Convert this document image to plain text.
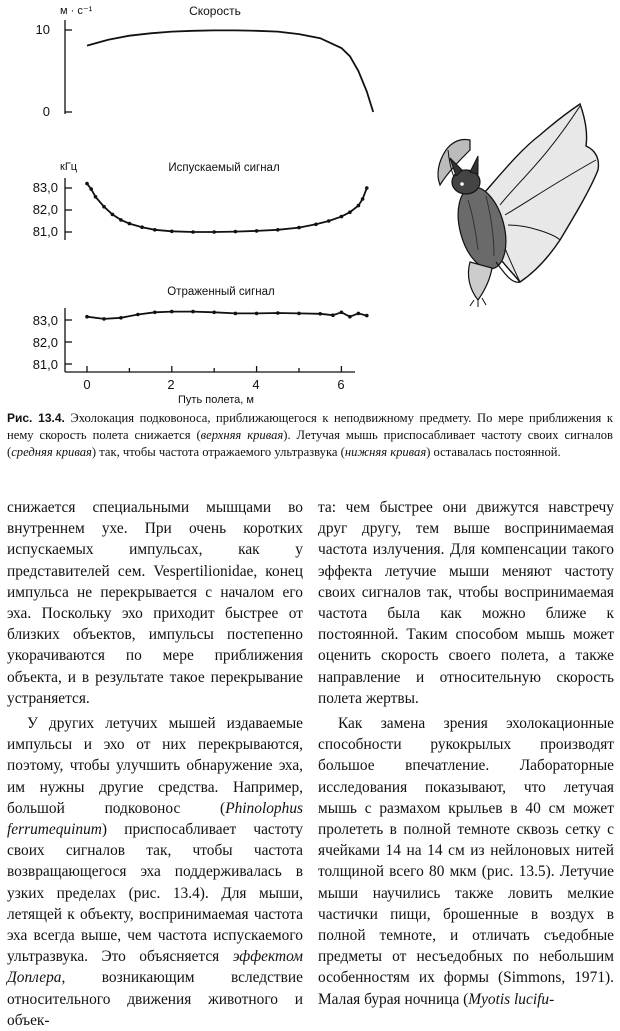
м · с⁻¹	Скорость
10
0
кГц	Испускаемый сигнал
83,0
82,0
81,0
Отраженный сигнал
83,0
82,0
81,0
0	2	4	6
Путь полета, м

Рис. 13.4. Эхолокация подковоноса, приближающегося к неподвижному предмету. По мере приближения к нему скорость полета снижается (верхняя кривая). Летучая мышь приспосабливает частоту своих сигналов (средняя кривая) так, чтобы частота отражаемого ультразвука (нижняя кривая) оставалась постоянной.

снижается специальными мышцами во внутреннем ухе. При очень коротких испускаемых импульсах, как у представителей сем. Vespertilionidae, конец импульса не перекрывается с началом его эха. Поскольку эхо приходит быстрее от близких объектов, импульсы постепенно укорачиваются по мере приближения объекта, и в результате такое перекрывание устраняется.

У других летучих мышей издаваемые импульсы и эхо от них перекрываются, поэтому, чтобы улучшить обнаружение эха, им нужны другие средства. Например, большой подковонос (Phinolophus ferrumequinum) приспосабливает частоту своих сигналов так, чтобы частота возвращающегося эха поддерживалась в узких пределах (рис. 13.4). Для мыши, летящей к объекту, воспринимаемая частота эха всегда выше, чем частота испускаемого ультразвука. Это объясняется эффектом Доплера, возникающим вследствие относительного движения животного и объек-

та: чем быстрее они движутся навстречу друг другу, тем выше воспринимаемая частота излучения. Для компенсации такого эффекта летучие мыши меняют частоту своих сигналов так, чтобы воспринимаемая частота была как можно ближе к постоянной. Таким способом мышь может оценить скорость своего полета, а также направление и относительную скорость полета жертвы.

Как замена зрения эхолокационные способности рукокрылых производят большое впечатление. Лабораторные исследования показывают, что летучая мышь с размахом крыльев в 40 см может пролететь в полной темноте сквозь сетку с ячейками 14 на 14 см из нейлоновых нитей толщиной всего 80 мкм (рис. 13.5). Летучие мыши научились также ловить мелкие частички пищи, брошенные в воздух в полной темноте, и отличать съедобные предметы от несъедобных по небольшим особенностям их формы (Simmons, 1971). Малая бурая ночница (Myotis lucifu-
